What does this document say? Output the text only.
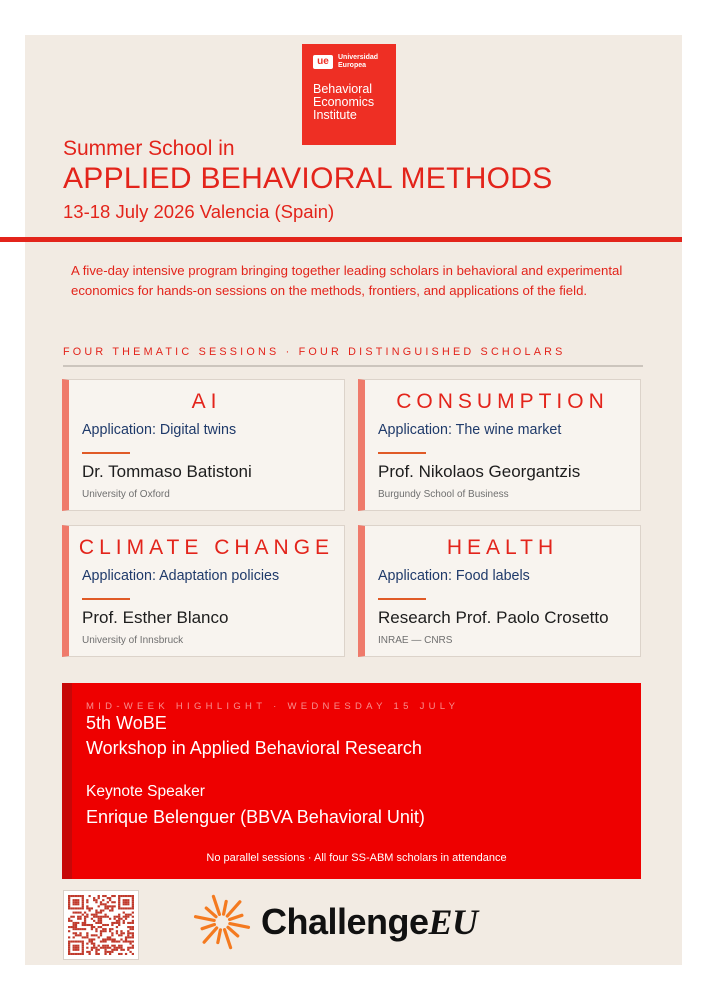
ue	Universidad
Europea
Behavioral
Economics
Institute
Summer School in
APPLIED BEHAVIORAL METHODS
13-18 July 2026 Valencia (Spain)
A five-day intensive program bringing together leading scholars in behavioral and experimental economics for hands-on sessions on the methods, frontiers, and applications of the field.
FOUR THEMATIC SESSIONS · FOUR DISTINGUISHED SCHOLARS
AI
Application: Digital twins
Dr. Tommaso Batistoni
University of Oxford
CONSUMPTION
Application: The wine market
Prof. Nikolaos Georgantzis
Burgundy School of Business
CLIMATE CHANGE
Application: Adaptation policies
Prof. Esther Blanco
University of Innsbruck
HEALTH
Application: Food labels
Research Prof. Paolo Crosetto
INRAE — CNRS
MID-WEEK HIGHLIGHT · WEDNESDAY 15 JULY
5th WoBE
Workshop in Applied Behavioral Research
Keynote Speaker
Enrique Belenguer (BBVA Behavioral Unit)
No parallel sessions · All four SS-ABM scholars in attendance
ChallengeEU
